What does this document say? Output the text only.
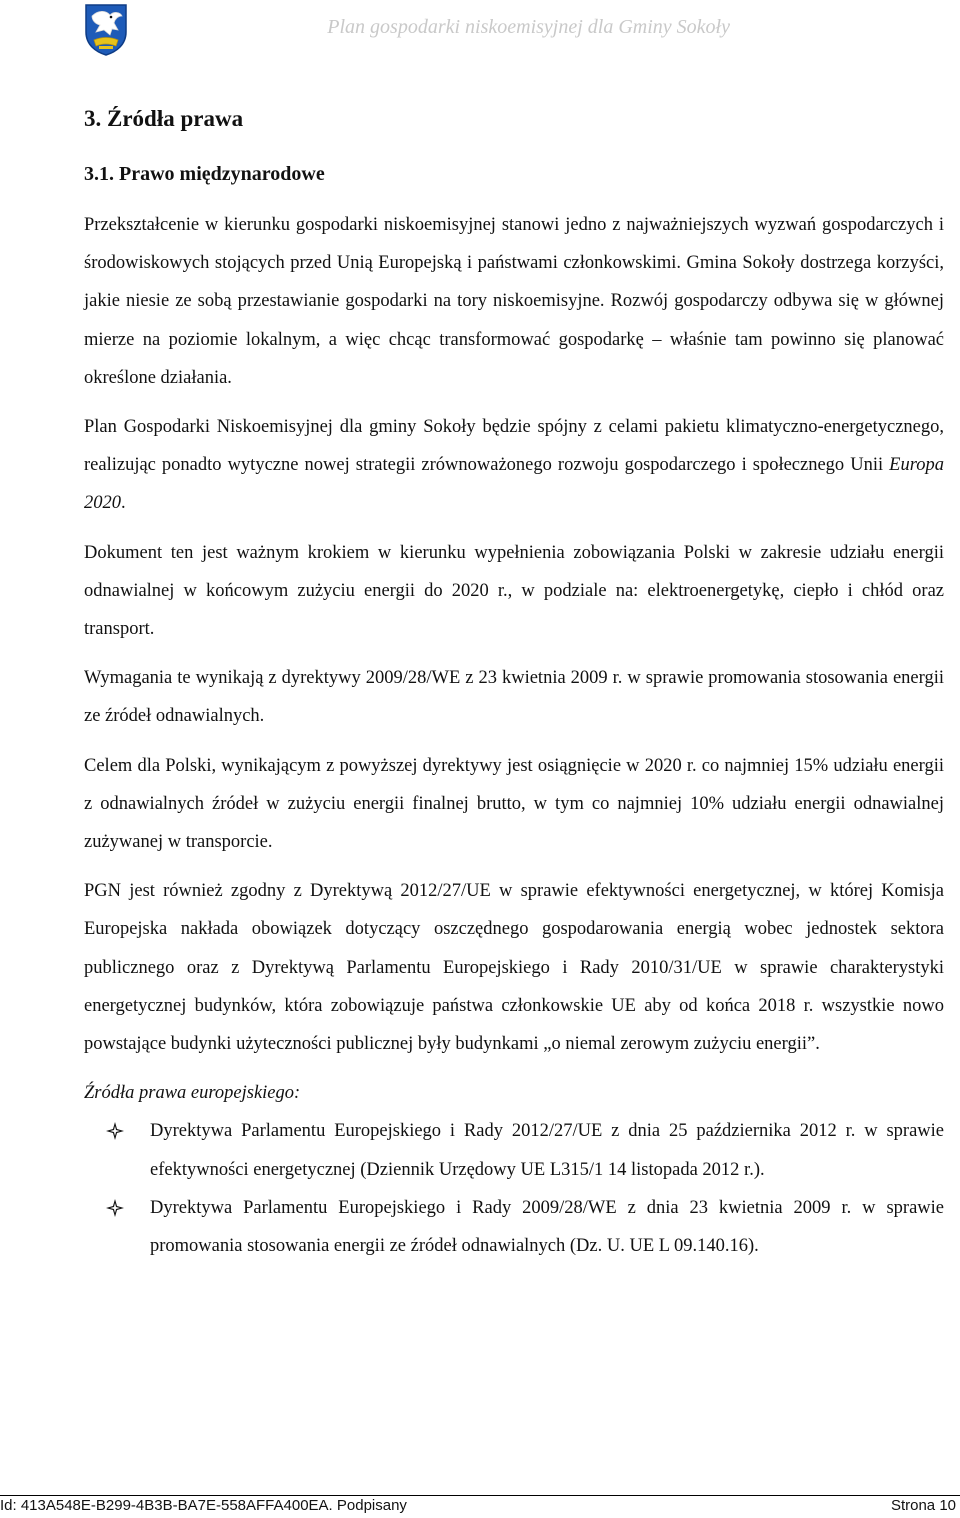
Plan gospodarki niskoemisyjnej dla Gminy Sokoły
3. Źródła prawa
3.1. Prawo międzynarodowe

Przekształcenie w kierunku gospodarki niskoemisyjnej stanowi jedno z najważniejszych wyzwań gospodarczych i środowiskowych stojących przed Unią Europejską i państwami członkowskimi. Gmina Sokoły dostrzega korzyści, jakie niesie ze sobą przestawianie gospodarki na tory niskoemisyjne. Rozwój gospodarczy odbywa się w głównej mierze na poziomie lokalnym, a więc chcąc transformować gospodarkę – właśnie tam powinno się planować określone działania.

Plan Gospodarki Niskoemisyjnej dla gminy Sokoły będzie spójny z celami pakietu klimatyczno-energetycznego, realizując ponadto wytyczne nowej strategii zrównoważonego rozwoju gospodarczego i społecznego Unii Europa 2020.

Dokument ten jest ważnym krokiem w kierunku wypełnienia zobowiązania Polski w zakresie udziału energii odnawialnej w końcowym zużyciu energii do 2020 r., w podziale na: elektroenergetykę, ciepło i chłód oraz transport.

Wymagania te wynikają z dyrektywy 2009/28/WE z 23 kwietnia 2009 r. w sprawie promowania stosowania energii ze źródeł odnawialnych.

Celem dla Polski, wynikającym z powyższej dyrektywy jest osiągnięcie w 2020 r. co najmniej 15% udziału energii z odnawialnych źródeł w zużyciu energii finalnej brutto, w tym co najmniej 10% udziału energii odnawialnej zużywanej w transporcie.

PGN jest również zgodny z Dyrektywą 2012/27/UE w sprawie efektywności energetycznej, w której Komisja Europejska nakłada obowiązek dotyczący oszczędnego gospodarowania energią wobec jednostek sektora publicznego oraz z Dyrektywą Parlamentu Europejskiego i Rady 2010/31/UE w sprawie charakterystyki energetycznej budynków, która zobowiązuje państwa członkowskie UE aby od końca 2018 r. wszystkie nowo powstające budynki użyteczności publicznej były budynkami „o niemal zerowym zużyciu energii”.

Źródła prawa europejskiego:

Dyrektywa Parlamentu Europejskiego i Rady 2012/27/UE z dnia 25 października 2012 r. w sprawie efektywności energetycznej (Dziennik Urzędowy UE L315/1 14 listopada 2012 r.).
Dyrektywa Parlamentu Europejskiego i Rady 2009/28/WE z dnia 23 kwietnia 2009 r. w sprawie promowania stosowania energii ze źródeł odnawialnych (Dz. U. UE L 09.140.16).
Id: 413A548E-B299-4B3B-BA7E-558AFFA400EA. Podpisany	Strona 10
